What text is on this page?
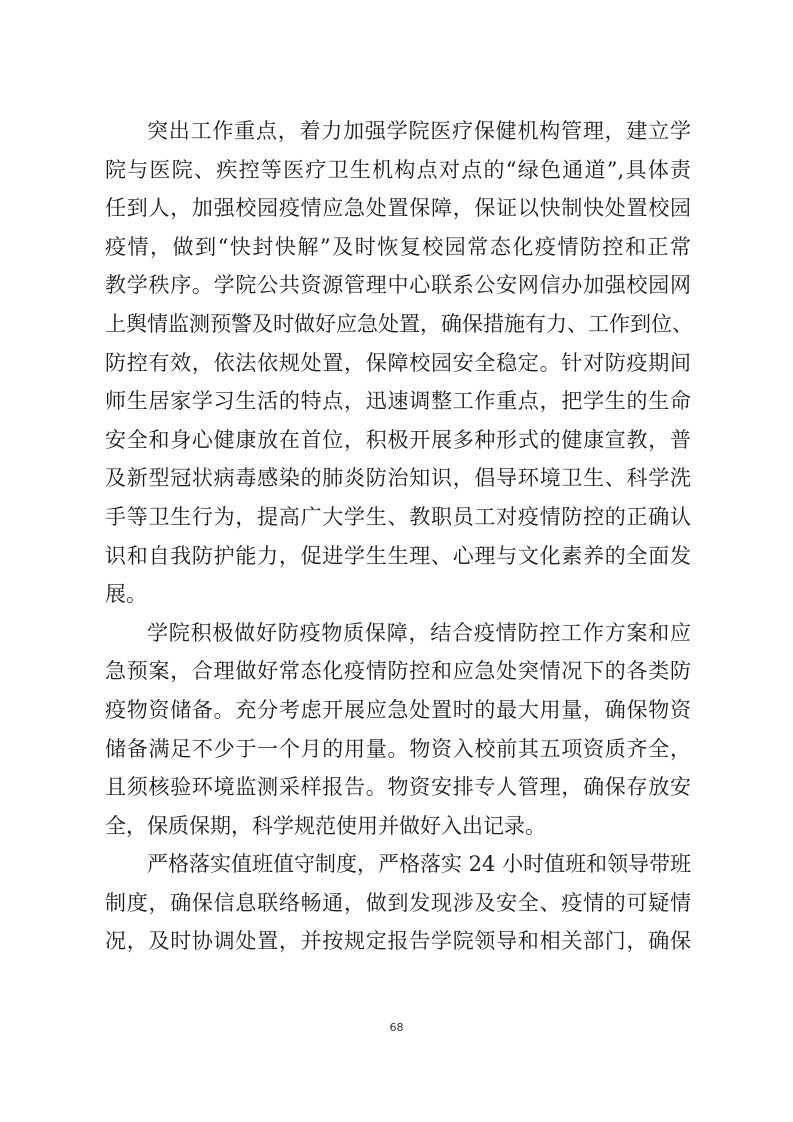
突出工作重点，着力加强学院医疗保健机构管理，建立学
院与医院、疾控等医疗卫生机构点对点的“绿色通道”,具体责
任到人，加强校园疫情应急处置保障，保证以快制快处置校园
疫情，做到“快封快解”及时恢复校园常态化疫情防控和正常
教学秩序。学院公共资源管理中心联系公安网信办加强校园网
上舆情监测预警及时做好应急处置，确保措施有力、工作到位、
防控有效，依法依规处置，保障校园安全稳定。针对防疫期间
师生居家学习生活的特点，迅速调整工作重点，把学生的生命
安全和身心健康放在首位，积极开展多种形式的健康宣教，普
及新型冠状病毒感染的肺炎防治知识，倡导环境卫生、科学洗
手等卫生行为，提高广大学生、教职员工对疫情防控的正确认
识和自我防护能力，促进学生生理、心理与文化素养的全面发
展。
学院积极做好防疫物质保障，结合疫情防控工作方案和应
急预案，合理做好常态化疫情防控和应急处突情况下的各类防
疫物资储备。充分考虑开展应急处置时的最大用量，确保物资
储备满足不少于一个月的用量。物资入校前其五项资质齐全，
且须核验环境监测采样报告。物资安排专人管理，确保存放安
全，保质保期，科学规范使用并做好入出记录。
严格落实值班值守制度，严格落实 24 小时值班和领导带班
制度，确保信息联络畅通，做到发现涉及安全、疫情的可疑情
况，及时协调处置，并按规定报告学院领导和相关部门，确保
68
